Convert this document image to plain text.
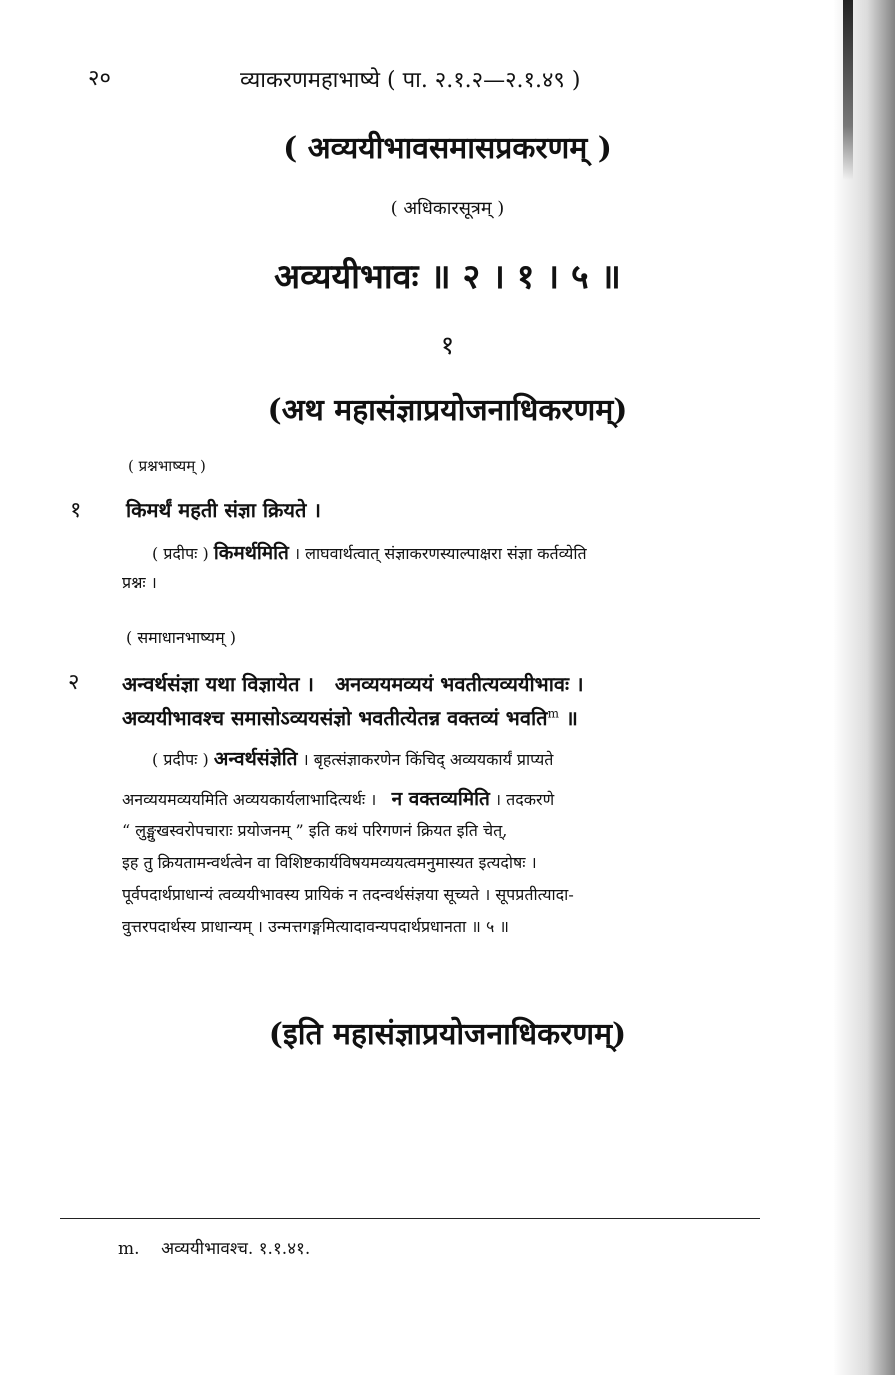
२०	व्याकरणमहाभाष्ये ( पा. २.१.२—२.१.४९ )
( अव्ययीभावसमासप्रकरणम् )
( अधिकारसूत्रम् )
अव्ययीभावः ॥ २ । १ । ५ ॥
१
(अथ महासंज्ञाप्रयोजनाधिकरणम्)
( प्रश्नभाष्यम् )
१ किमर्थं महती संज्ञा क्रियते ।
( प्रदीपः ) किमर्थमिति । लाघवार्थत्वात् संज्ञाकरणस्याल्पाक्षरा संज्ञा कर्तव्येति
प्रश्नः ।
( समाधानभाष्यम् )
२ अन्वर्थसंज्ञा यथा विज्ञायेत ।   अनव्ययमव्ययं भवतीत्यव्ययीभावः ।
अव्ययीभावश्च समासोऽव्ययसंज्ञो भवतीत्येतन्न वक्तव्यं भवति$^m$ ॥
( प्रदीपः ) अन्वर्थसंज्ञेति । बृहत्संज्ञाकरणेन किंचिद् अव्ययकार्यं प्राप्यते
अनव्ययमव्ययमिति अव्ययकार्यलाभादित्यर्थः । न वक्तव्यमिति । तदकरणे
“ लुङ्मुखस्वरोपचाराः प्रयोजनम् ” इति कथं परिगणनं क्रियत इति चेत्,
इह तु क्रियतामन्वर्थत्वेन वा विशिष्टकार्यविषयमव्ययत्वमनुमास्यत इत्यदोषः ।
पूर्वपदार्थप्राधान्यं त्वव्ययीभावस्य प्रायिकं न तदन्वर्थसंज्ञया सूच्यते । सूपप्रतीत्यादा-
वुत्तरपदार्थस्य प्राधान्यम् । उन्मत्तगङ्गमित्यादावन्यपदार्थप्रधानता ॥ ५ ॥
(इति महासंज्ञाप्रयोजनाधिकरणम्)
m. अव्ययीभावश्च. १.१.४१.
